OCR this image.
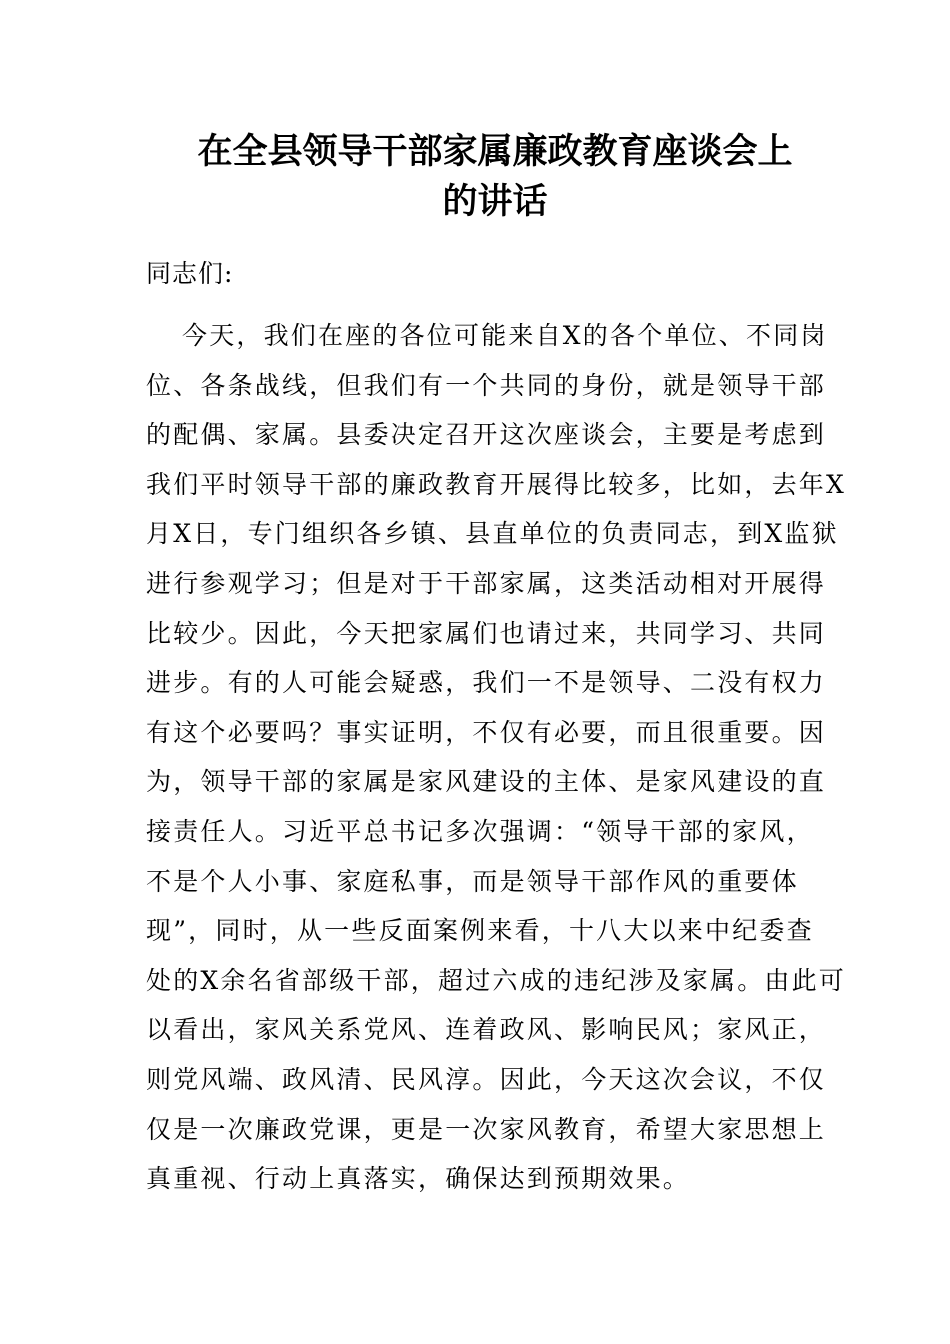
在全县领导干部家属廉政教育座谈会上
的讲话

同志们:

今天，我们在座的各位可能来自X的各个单位、不同岗
位、各条战线，但我们有一个共同的身份，就是领导干部
的配偶、家属。县委决定召开这次座谈会，主要是考虑到
我们平时领导干部的廉政教育开展得比较多，比如，去年X
月X日，专门组织各乡镇、县直单位的负责同志，到X监狱
进行参观学习；但是对于干部家属，这类活动相对开展得
比较少。因此，今天把家属们也请过来，共同学习、共同
进步。有的人可能会疑惑，我们一不是领导、二没有权力
有这个必要吗？事实证明，不仅有必要，而且很重要。因
为，领导干部的家属是家风建设的主体、是家风建设的直
接责任人。习近平总书记多次强调：“领导干部的家风，
不是个人小事、家庭私事，而是领导干部作风的重要体
现”，同时，从一些反面案例来看，十八大以来中纪委查
处的X余名省部级干部，超过六成的违纪涉及家属。由此可
以看出，家风关系党风、连着政风、影响民风；家风正，
则党风端、政风清、民风淳。因此，今天这次会议，不仅
仅是一次廉政党课，更是一次家风教育，希望大家思想上
真重视、行动上真落实，确保达到预期效果。
